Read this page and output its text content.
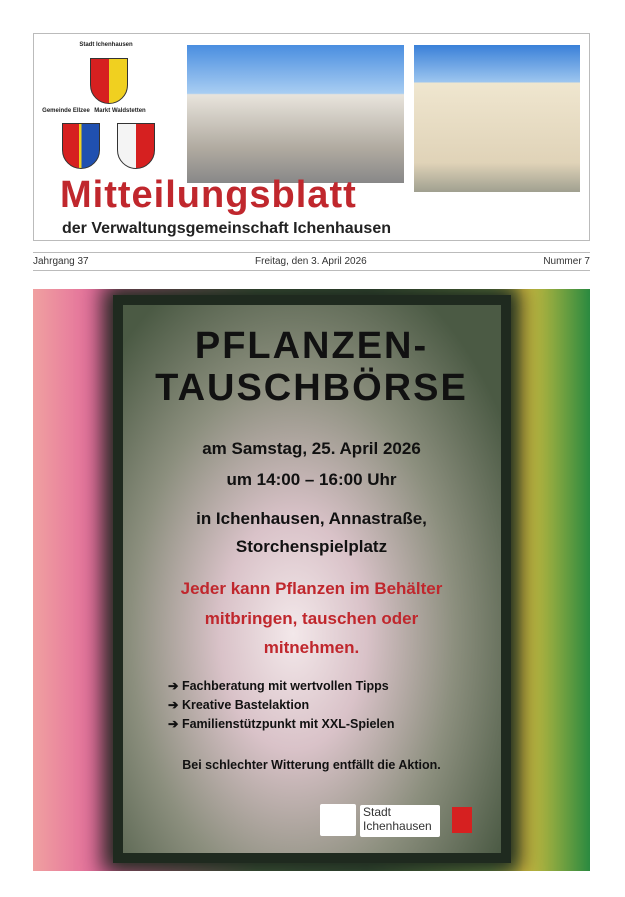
Stadt Ichenhausen
Gemeinde Ellzee Markt Waldstetten
Mitteilungsblatt
der Verwaltungsgemeinschaft Ichenhausen
Jahrgang 37	Freitag, den 3. April 2026	Nummer 7
PFLANZEN-
TAUSCHBÖRSE
am Samstag, 25. April 2026
um 14:00 – 16:00 Uhr
in Ichenhausen, Annastraße,
Storchenspielplatz
Jeder kann Pflanzen im Behälter
mitbringen, tauschen oder
mitnehmen.
➔ Fachberatung mit wertvollen Tipps
➔ Kreative Bastelaktion
➔ Familienstützpunkt mit XXL-Spielen
Bei schlechter Witterung entfällt die Aktion.
Stadt
Ichenhausen
